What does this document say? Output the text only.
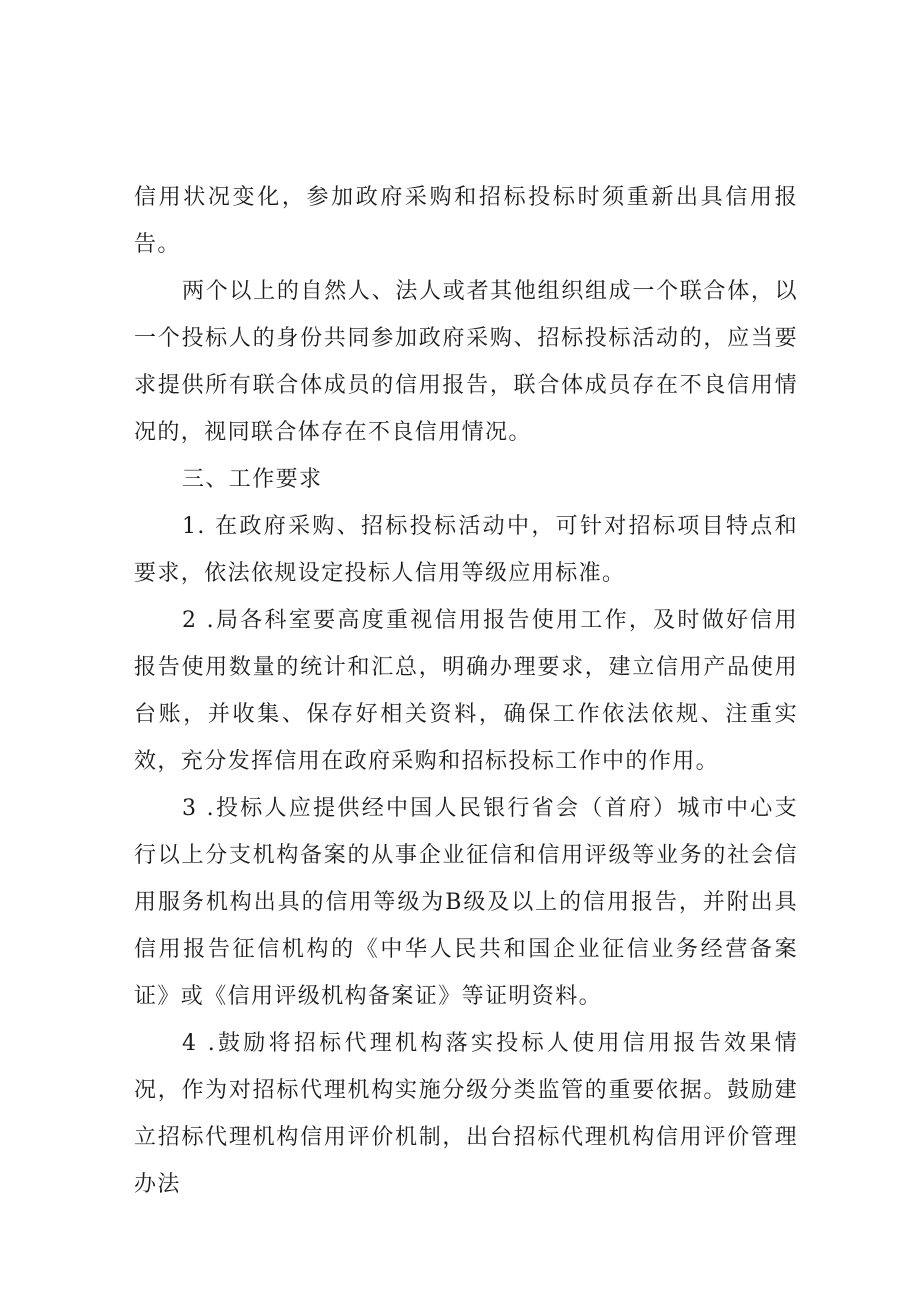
信用状况变化，参加政府采购和招标投标时须重新出具信用报告。

两个以上的自然人、法人或者其他组织组成一个联合体，以一个投标人的身份共同参加政府采购、招标投标活动的，应当要求提供所有联合体成员的信用报告，联合体成员存在不良信用情况的，视同联合体存在不良信用情况。

三、工作要求

1. 在政府采购、招标投标活动中，可针对招标项目特点和要求，依法依规设定投标人信用等级应用标准。

2 .局各科室要高度重视信用报告使用工作，及时做好信用报告使用数量的统计和汇总，明确办理要求，建立信用产品使用台账，并收集、保存好相关资料，确保工作依法依规、注重实效，充分发挥信用在政府采购和招标投标工作中的作用。

3 .投标人应提供经中国人民银行省会（首府）城市中心支行以上分支机构备案的从事企业征信和信用评级等业务的社会信用服务机构出具的信用等级为B级及以上的信用报告，并附出具信用报告征信机构的《中华人民共和国企业征信业务经营备案证》或《信用评级机构备案证》等证明资料。

4 .鼓励将招标代理机构落实投标人使用信用报告效果情况，作为对招标代理机构实施分级分类监管的重要依据。鼓励建立招标代理机构信用评价机制，出台招标代理机构信用评价管理办法
